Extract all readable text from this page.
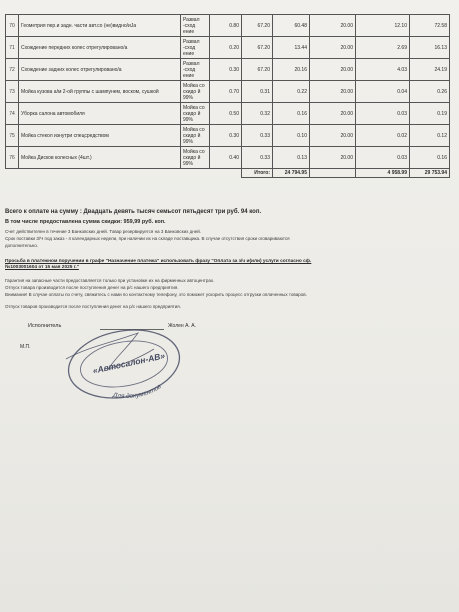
70	Геометрия пер.и задн. части авт.со (не)видно/иЈа	Развал -сход ение	0.80	67.20	60.48	20.00	12.10	72.58
71	Схождение передних колес отрегулировано/а	Развал -сход ение	0.20	67.20	13.44	20.00	2.69	16.13
72	Схождение задних колес отрегулировано/а	Развал -сход ение	0.30	67.20	20.16	20.00	4.03	24.19
73	Мойка кузова а/м 2-ой группы с шампунем, воском, сушкой	Мойка со скидо й 99%	0.70	0.31	0.22	20.00	0.04	0.26
74	Уборка салона автомобиля	Мойка со скидо й 99%	0.50	0.32	0.16	20.00	0.03	0.19
75	Мойка стекол изнутри спецсредством	Мойка со скидо й 99%	0.30	0.33	0.10	20.00	0.02	0.12
76	Мойка Дисков колесных (4шт.)	Мойка со скидо й 99%	0.40	0.33	0.13	20.00	0.03	0.16
				Итого:	24 794.95		4 958.99	29 753.94
Всего к оплате на сумму : Двадцать девять тысяч семьсот пятьдесят три руб. 94 коп.
В том числе предоставлена сумма скидки: 959,99 руб. коп.
Счет действителен в течение 3 Банковских дней. Товар резервируется на 3 Банковских дней.
Срок поставки З/Ч под заказ - 4 календарных недели, при наличии их на складе поставщика. В случае отсутствия сроки оговариваются
дополнительно.
Просьба в платежном поручении в графе "Назначение платежа" использовать фразу "Оплата за з/ч и(или) услуги согласно сф.
№1003001604 от 15 мая 2025 г."
Гарантия на запасные части предоставляется только при установке их на фирменных автоцентрах.
Отпуск товара производится после поступления денег на р/с нашего предприятия.
Внимание! В случае оплаты по счету, свяжитесь с нами по контактному телефону, это поможет ускорить процесс отгрузки оплаченных товаров.
Отпуск товаров производится после поступления денег на р/с нашего предприятия.
Исполнитель	Жолен А. А.
М.П.
«Автосалон-АВ»
Для документов
